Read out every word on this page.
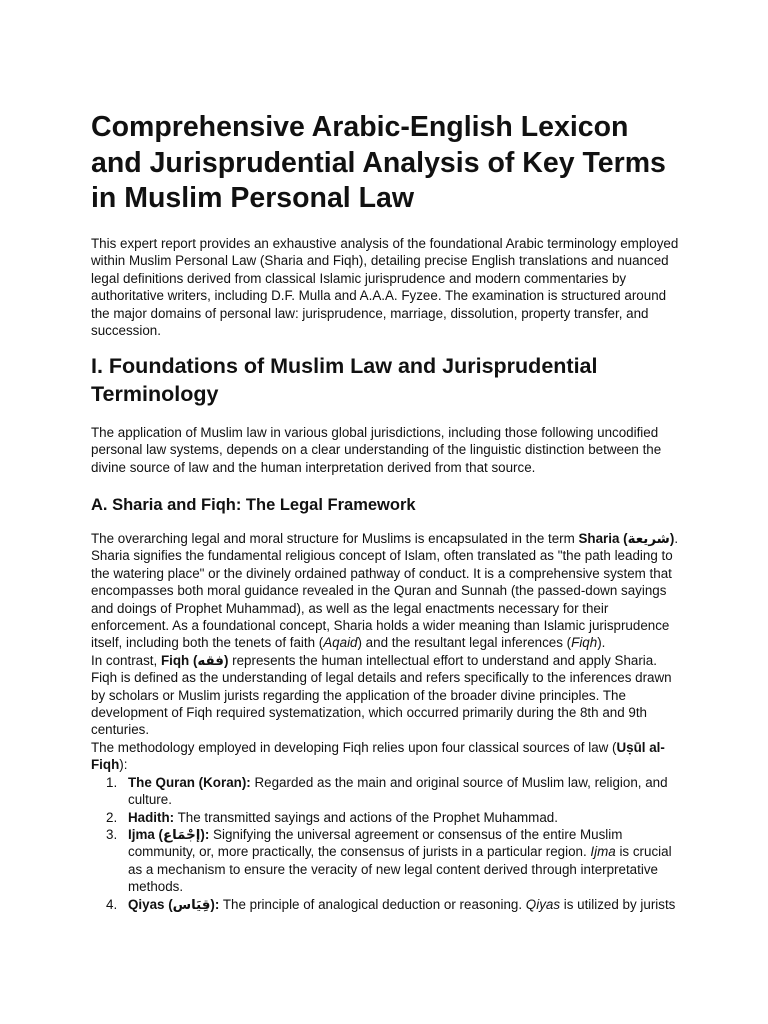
Comprehensive Arabic-English Lexicon and Jurisprudential Analysis of Key Terms in Muslim Personal Law

This expert report provides an exhaustive analysis of the foundational Arabic terminology employed within Muslim Personal Law (Sharia and Fiqh), detailing precise English translations and nuanced legal definitions derived from classical Islamic jurisprudence and modern commentaries by authoritative writers, including D.F. Mulla and A.A.A. Fyzee. The examination is structured around the major domains of personal law: jurisprudence, marriage, dissolution, property transfer, and succession.

I. Foundations of Muslim Law and Jurisprudential Terminology

The application of Muslim law in various global jurisdictions, including those following uncodified personal law systems, depends on a clear understanding of the linguistic distinction between the divine source of law and the human interpretation derived from that source.

A. Sharia and Fiqh: The Legal Framework

The overarching legal and moral structure for Muslims is encapsulated in the term Sharia (شريعة). Sharia signifies the fundamental religious concept of Islam, often translated as "the path leading to the watering place" or the divinely ordained pathway of conduct. It is a comprehensive system that encompasses both moral guidance revealed in the Quran and Sunnah (the passed-down sayings and doings of Prophet Muhammad), as well as the legal enactments necessary for their enforcement. As a foundational concept, Sharia holds a wider meaning than Islamic jurisprudence itself, including both the tenets of faith (Aqaid) and the resultant legal inferences (Fiqh).

In contrast, Fiqh (فقه) represents the human intellectual effort to understand and apply Sharia. Fiqh is defined as the understanding of legal details and refers specifically to the inferences drawn by scholars or Muslim jurists regarding the application of the broader divine principles. The development of Fiqh required systematization, which occurred primarily during the 8th and 9th centuries.

The methodology employed in developing Fiqh relies upon four classical sources of law (Uṣūl al-Fiqh):

1. The Quran (Koran): Regarded as the main and original source of Muslim law, religion, and culture.
2. Hadith: The transmitted sayings and actions of the Prophet Muhammad.
3. Ijma (إجْمَاع): Signifying the universal agreement or consensus of the entire Muslim community, or, more practically, the consensus of jurists in a particular region. Ijma is crucial as a mechanism to ensure the veracity of new legal content derived through interpretative methods.
4. Qiyas (قِيَاس): The principle of analogical deduction or reasoning. Qiyas is utilized by jurists
